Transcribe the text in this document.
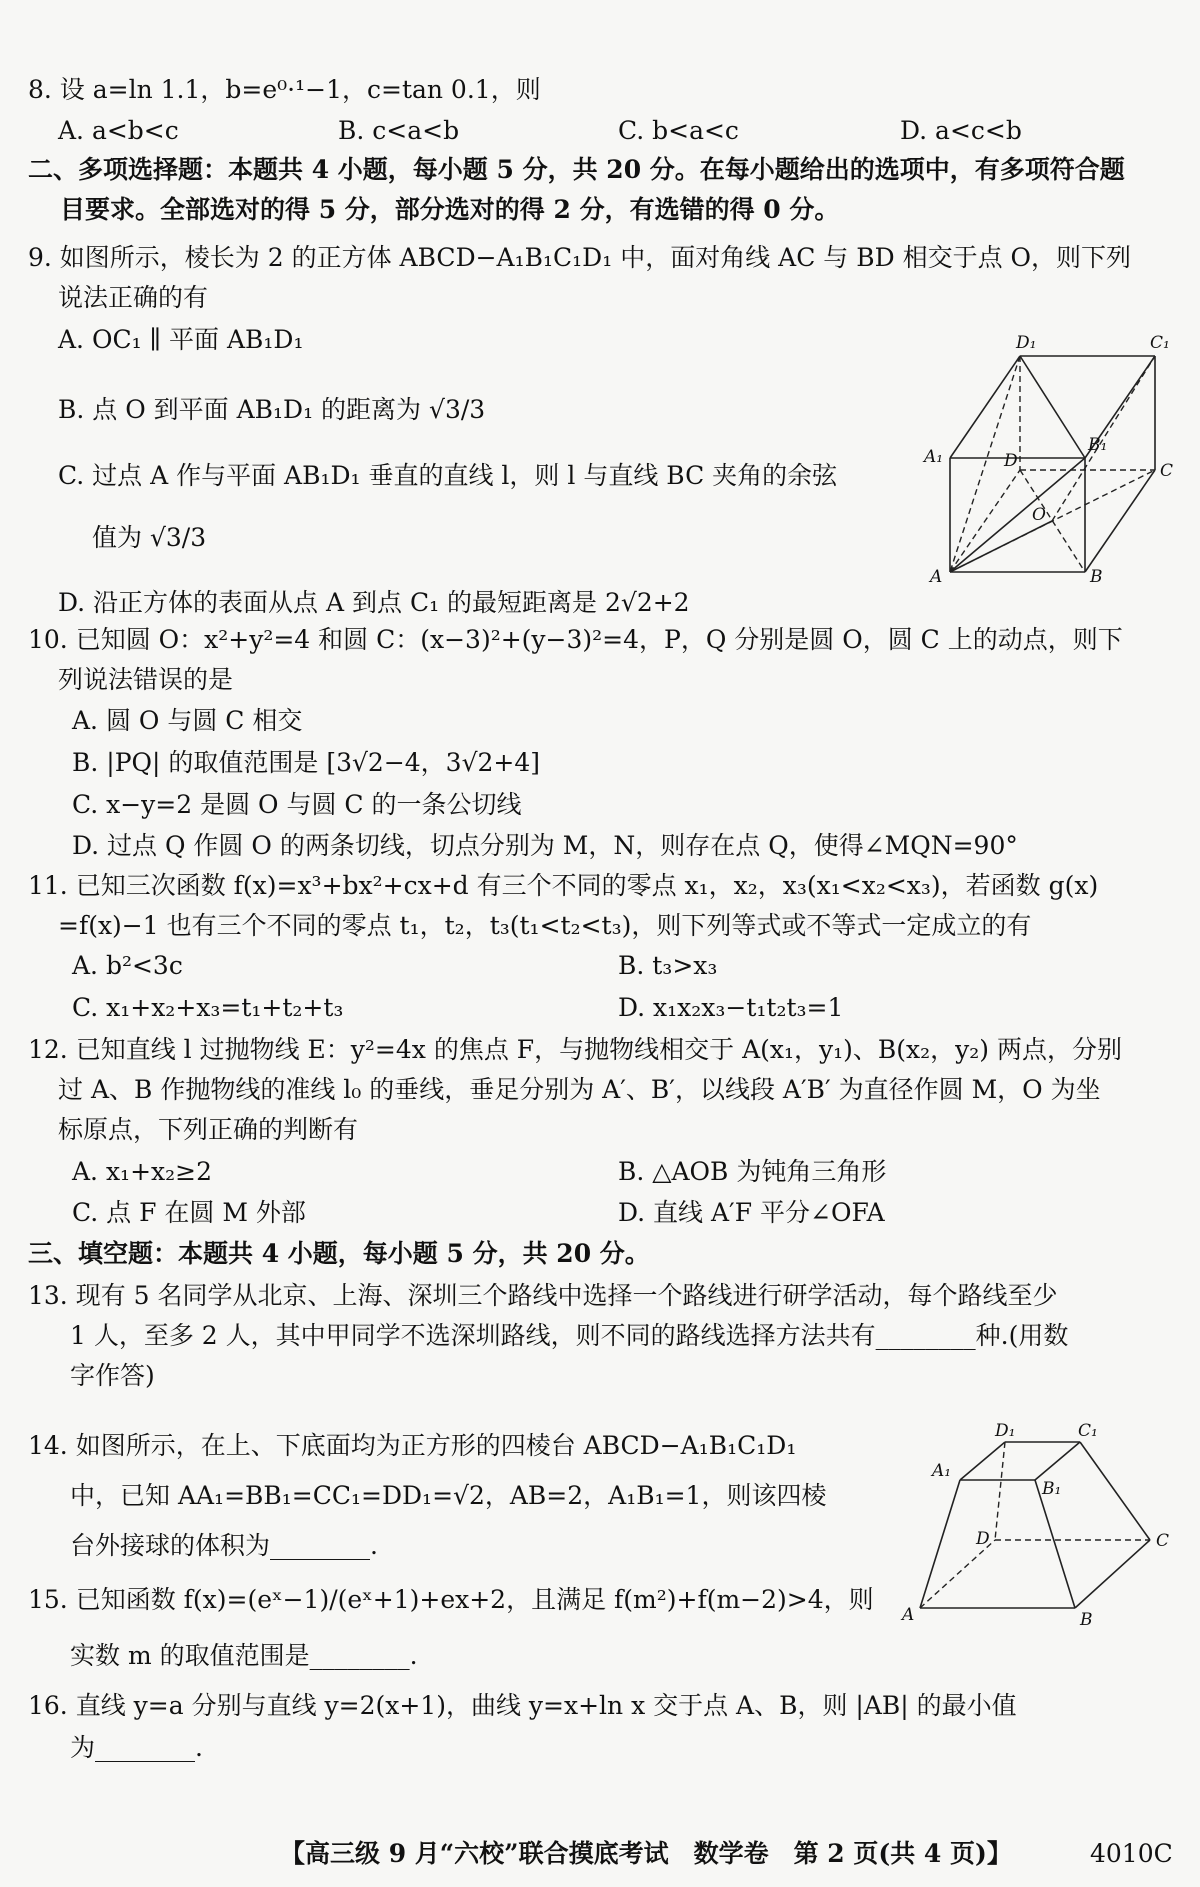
8. 设 a=ln 1.1，b=e⁰·¹−1，c=tan 0.1，则
A. a<b<c	B. c<a<b	C. b<a<c	D. a<c<b
二、多项选择题：本题共 4 小题，每小题 5 分，共 20 分。在每小题给出的选项中，有多项符合题
目要求。全部选对的得 5 分，部分选对的得 2 分，有选错的得 0 分。
9. 如图所示，棱长为 2 的正方体 ABCD−A₁B₁C₁D₁ 中，面对角线 AC 与 BD 相交于点 O，则下列
说法正确的有
A. OC₁ ∥ 平面 AB₁D₁
B. 点 O 到平面 AB₁D₁ 的距离为 √3/3
C. 过点 A 作与平面 AB₁D₁ 垂直的直线 l，则 l 与直线 BC 夹角的余弦
值为 √3/3
D. 沿正方体的表面从点 A 到点 C₁ 的最短距离是 2√2+2
D₁	C₁
A₁
B₁
D	C
O
A	B
10. 已知圆 O：x²+y²=4 和圆 C：(x−3)²+(y−3)²=4，P，Q 分别是圆 O，圆 C 上的动点，则下
列说法错误的是
A. 圆 O 与圆 C 相交
B. |PQ| 的取值范围是 [3√2−4，3√2+4]
C. x−y=2 是圆 O 与圆 C 的一条公切线
D. 过点 Q 作圆 O 的两条切线，切点分别为 M，N，则存在点 Q，使得∠MQN=90°
11. 已知三次函数 f(x)=x³+bx²+cx+d 有三个不同的零点 x₁，x₂，x₃(x₁<x₂<x₃)，若函数 g(x)
=f(x)−1 也有三个不同的零点 t₁，t₂，t₃(t₁<t₂<t₃)，则下列等式或不等式一定成立的有
A. b²<3c	B. t₃>x₃
C. x₁+x₂+x₃=t₁+t₂+t₃	D. x₁x₂x₃−t₁t₂t₃=1
12. 已知直线 l 过抛物线 E：y²=4x 的焦点 F，与抛物线相交于 A(x₁，y₁)、B(x₂，y₂) 两点，分别
过 A、B 作抛物线的准线 l₀ 的垂线，垂足分别为 A′、B′，以线段 A′B′ 为直径作圆 M，O 为坐
标原点，下列正确的判断有
A. x₁+x₂≥2	B. △AOB 为钝角三角形
C. 点 F 在圆 M 外部	D. 直线 A′F 平分∠OFA
三、填空题：本题共 4 小题，每小题 5 分，共 20 分。
13. 现有 5 名同学从北京、上海、深圳三个路线中选择一个路线进行研学活动，每个路线至少
1 人，至多 2 人，其中甲同学不选深圳路线，则不同的路线选择方法共有________种.(用数
字作答)
14. 如图所示，在上、下底面均为正方形的四棱台 ABCD−A₁B₁C₁D₁
中，已知 AA₁=BB₁=CC₁=DD₁=√2，AB=2，A₁B₁=1，则该四棱
台外接球的体积为________.
D₁	C₁
A₁
B₁
D	C
A	B
15. 已知函数 f(x)=(eˣ−1)/(eˣ+1)+ex+2，且满足 f(m²)+f(m−2)>4，则
实数 m 的取值范围是________.
16. 直线 y=a 分别与直线 y=2(x+1)，曲线 y=x+ln x 交于点 A、B，则 |AB| 的最小值
为________.
【高三级 9 月“六校”联合摸底考试　数学卷　第 2 页(共 4 页)】	4010C
